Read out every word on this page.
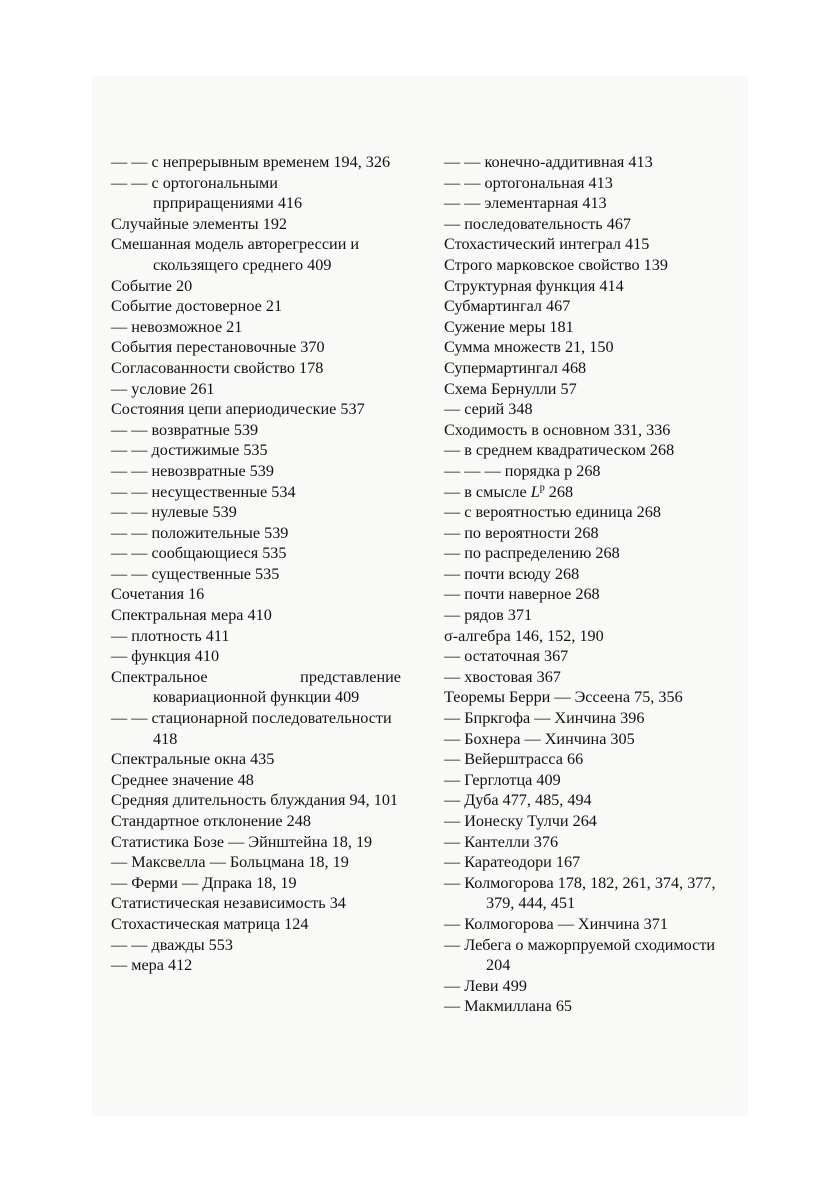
— — с непрерывным временем 194, 326
— — с ортогональными пpприращениями 416
Случайные элементы 192
Смешанная модель авторегрессии и скользящего среднего 409
Событие 20
Событие достоверное 21
— невозможное 21
События перестановочные 370
Согласованности свойство 178
— условие 261
Состояния цепи апериодические 537
— — возвратные 539
— — достижимые 535
— — невозвратные 539
— — несущественные 534
— — нулевые 539
— — положительные 539
— — сообщающиеся 535
— — существенные 535
Сочетания 16
Спектральная мера 410
— плотность 411
— функция 410
Спектральное представление ковариационной функции 409
— — стационарной последовательности 418
Спектральные окна 435
Среднее значение 48
Средняя длительность блуждания 94, 101
Стандартное отклонение 248
Статистика Бозе — Эйнштейна 18, 19
— Максвелла — Больцмана 18, 19
— Ферми — Дпрака 18, 19
Статистическая независимость 34
Стохастическая матрица 124
— — дважды 553
— мера 412
— — конечно-аддитивная 413
— — ортогональная 413
— — элементарная 413
— последовательность 467
Стохастический интеграл 415
Строго марковское свойство 139
Структурная функция 414
Субмартингал 467
Сужение меры 181
Сумма множеств 21, 150
Супермартингал 468
Схема Бернулли 57
— серий 348
Сходимость в основном 331, 336
— в среднем квадратическом 268
— — — порядка р 268
— в смысле $L^p$ 268
— с вероятностью единица 268
— по вероятности 268
— по распределению 268
— почти всюду 268
— почти наверное 268
— рядов 371
σ-алгебра 146, 152, 190
— остаточная 367
— хвостовая 367
Теоремы Берри — Эссеена 75, 356
— Бпркгофа — Хинчина 396
— Бохнера — Хинчина 305
— Вейерштрасса 66
— Герглотца 409
— Дуба 477, 485, 494
— Ионеску Тулчи 264
— Кантелли 376
— Каратеодори 167
— Колмогорова 178, 182, 261, 374, 377, 379, 444, 451
— Колмогорова — Хинчина 371
— Лебега о мажорпруемой сходимости 204
— Леви 499
— Макмиллана 65
